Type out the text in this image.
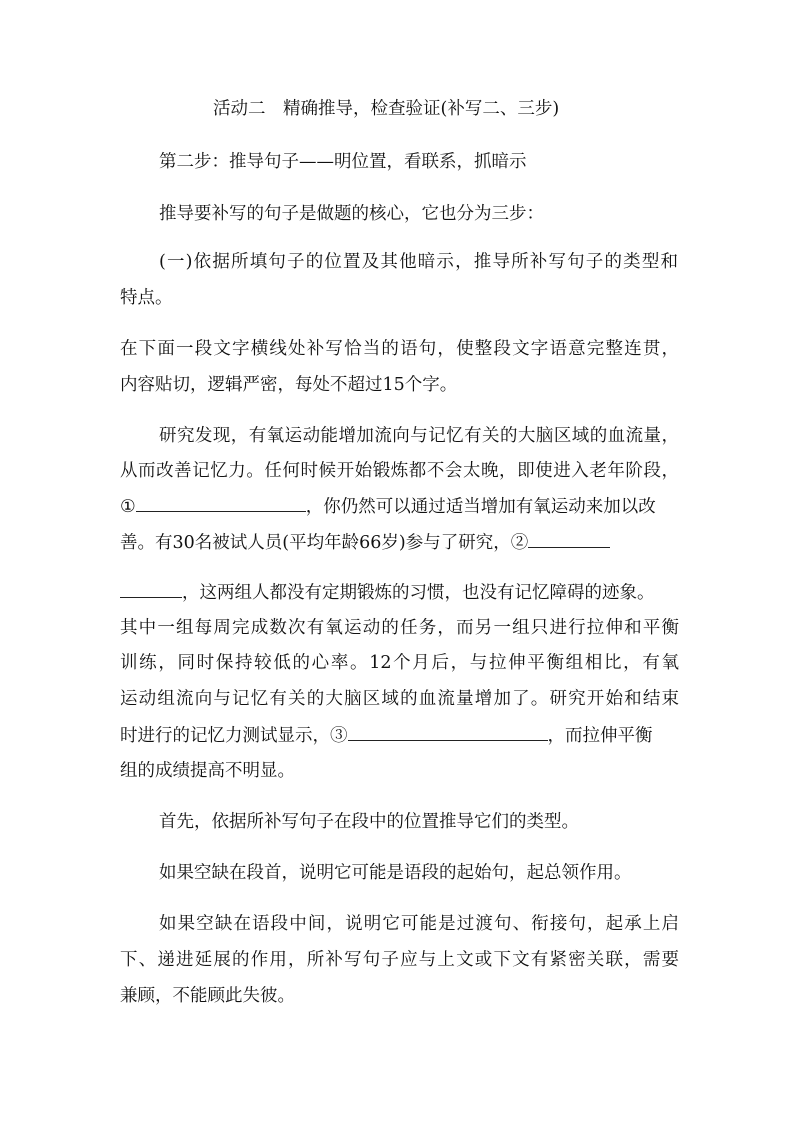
活动二　精确推导，检查验证(补写二、三步)
第二步：推导句子——明位置，看联系，抓暗示
推导要补写的句子是做题的核心，它也分为三步：
(一)依据所填句子的位置及其他暗示，推导所补写句子的类型和
特点。
在下面一段文字横线处补写恰当的语句，使整段文字语意完整连贯，
内容贴切，逻辑严密，每处不超过15个字。
研究发现，有氧运动能增加流向与记忆有关的大脑区域的血流量，
从而改善记忆力。任何时候开始锻炼都不会太晚，即使进入老年阶段，
①	，你仍然可以通过适当增加有氧运动来加以改
善。有30名被试人员(平均年龄66岁)参与了研究，②
，这两组人都没有定期锻炼的习惯，也没有记忆障碍的迹象。
其中一组每周完成数次有氧运动的任务，而另一组只进行拉伸和平衡
训练，同时保持较低的心率。12个月后，与拉伸平衡组相比，有氧
运动组流向与记忆有关的大脑区域的血流量增加了。研究开始和结束
时进行的记忆力测试显示，③	，而拉伸平衡
组的成绩提高不明显。
首先，依据所补写句子在段中的位置推导它们的类型。
如果空缺在段首，说明它可能是语段的起始句，起总领作用。
如果空缺在语段中间，说明它可能是过渡句、衔接句，起承上启
下、递进延展的作用，所补写句子应与上文或下文有紧密关联，需要
兼顾，不能顾此失彼。
